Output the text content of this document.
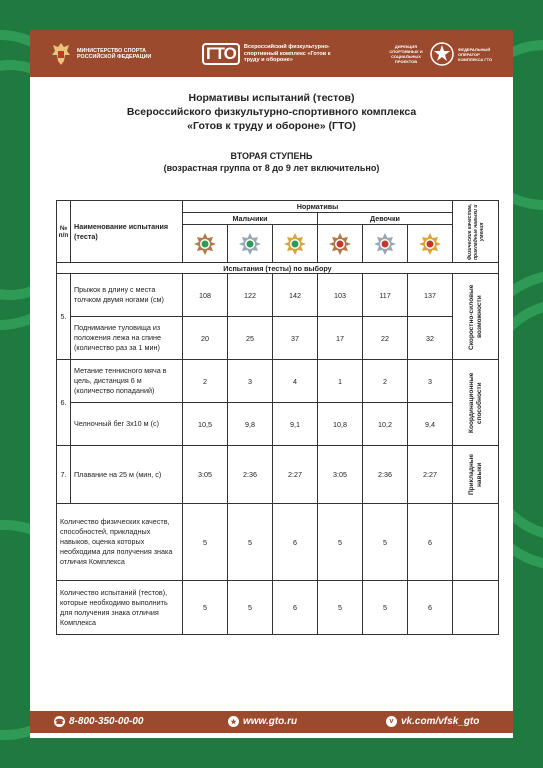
МИНИСТЕРСТВО СПОРТА РОССИЙСКОЙ ФЕДЕРАЦИИ	ГТО	Всероссийский физкультурно-спортивный комплекс «Готов к труду и обороне»
ДИРЕКЦИЯ СПОРТИВНЫХ И СОЦИАЛЬНЫХ ПРОЕКТОВ
ФЕДЕРАЛЬНЫЙ ОПЕРАТОР КОМПЛЕКСА ГТО
Нормативы испытаний (тестов)
Всероссийского физкультурно-спортивного комплекса
«Готов к труду и обороне» (ГТО)
ВТОРАЯ СТУПЕНЬ
(возрастная группа от 8 до 9 лет включительно)
№ п/п	Наименование испытания (теста)	Нормативы						Физические качества, прикладные навыки и умения

		Мальчики			Девочки			

Испытания (тесты) по выбору								
5.	Прыжок в длину с места толчком двумя ногами (см)	108	122	142	103	117	137	Скоростно-силовые возможности

	Поднимание туловища из положения лежа на спине (количество раз за 1 мин)	20	25	37	17	22	32	
6.	Метание теннисного мяча в цель, дистанция 6 м (количество попаданий)	2	3	4	1	2	3	Координационные способности

	Челночный бег 3х10 м (с)	10,5	9,8	9,1	10,8	10,2	9,4	
7.	Плавание на 25 м (мин, с)	3:05	2:36	2:27	3:05	2:36	2:27	Прикладные навыки

Количество физических качеств, способностей, прикладных навыков, оценка которых необходима для получения знака отличия Комплекса		5	5	6	5	5	6	
Количество испытаний (тестов), которые необходимо выполнить для получения знака отличия Комплекса		5	5	6	5	5	6	
☎ 8-800-350-00-00	★ www.gto.ru	v vk.com/vfsk_gto
